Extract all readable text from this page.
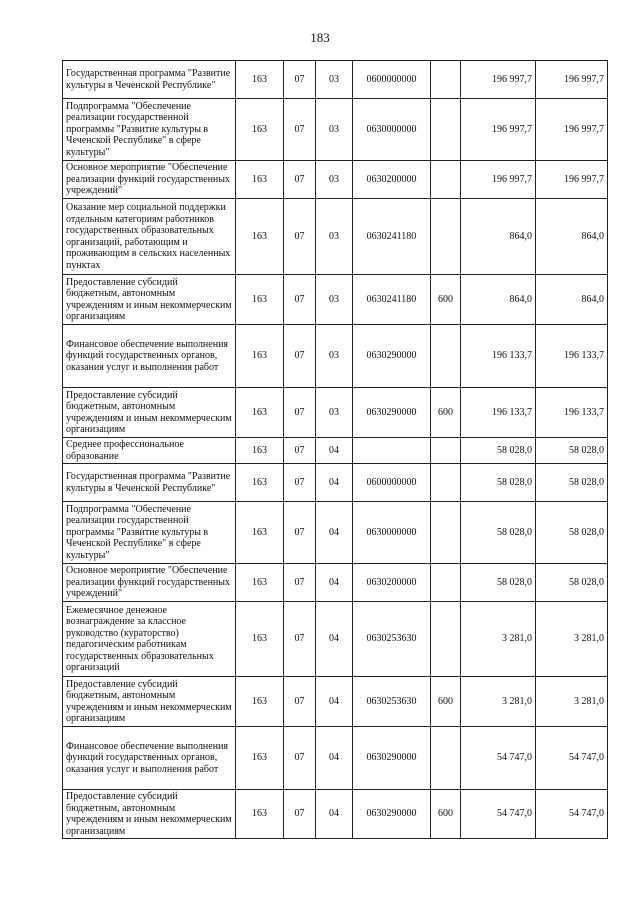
183
Государственная программа "Развитие культуры в Чеченской Республике"	163	07	03	0600000000		196 997,7	196 997,7
Подпрограмма "Обеспечение реализации государственной программы "Развитие культуры в Чеченской Республике" в сфере культуры"	163	07	03	0630000000		196 997,7	196 997,7
Основное мероприятие "Обеспечение реализации функций государственных учреждений"	163	07	03	0630200000		196 997,7	196 997,7
Оказание мер социальной поддержки отдельным категориям работников государственных образовательных организаций, работающим и проживающим в сельских населенных пунктах	163	07	03	0630241180		864,0	864,0
Предоставление субсидий бюджетным, автономным учреждениям и иным некоммерческим организациям	163	07	03	0630241180	600	864,0	864,0
Финансовое обеспечение выполнения функций государственных органов, оказания услуг и выполнения работ	163	07	03	0630290000		196 133,7	196 133,7
Предоставление субсидий бюджетным, автономным учреждениям и иным некоммерческим организациям	163	07	03	0630290000	600	196 133,7	196 133,7
Среднее профессиональное образование	163	07	04			58 028,0	58 028,0
Государственная программа "Развитие культуры в Чеченской Республике"	163	07	04	0600000000		58 028,0	58 028,0
Подпрограмма "Обеспечение реализации государственной программы "Развитие культуры в Чеченской Республике" в сфере культуры"	163	07	04	0630000000		58 028,0	58 028,0
Основное мероприятие "Обеспечение реализации функций государственных учреждений"	163	07	04	0630200000		58 028,0	58 028,0
Ежемесячное денежное вознаграждение за классное руководство (кураторство) педагогическим работникам государственных образовательных организаций	163	07	04	0630253630		3 281,0	3 281,0
Предоставление субсидий бюджетным, автономным учреждениям и иным некоммерческим организациям	163	07	04	0630253630	600	3 281,0	3 281,0
Финансовое обеспечение выполнения функций государственных органов, оказания услуг и выполнения работ	163	07	04	0630290000		54 747,0	54 747,0
Предоставление субсидий бюджетным, автономным учреждениям и иным некоммерческим организациям	163	07	04	0630290000	600	54 747,0	54 747,0
